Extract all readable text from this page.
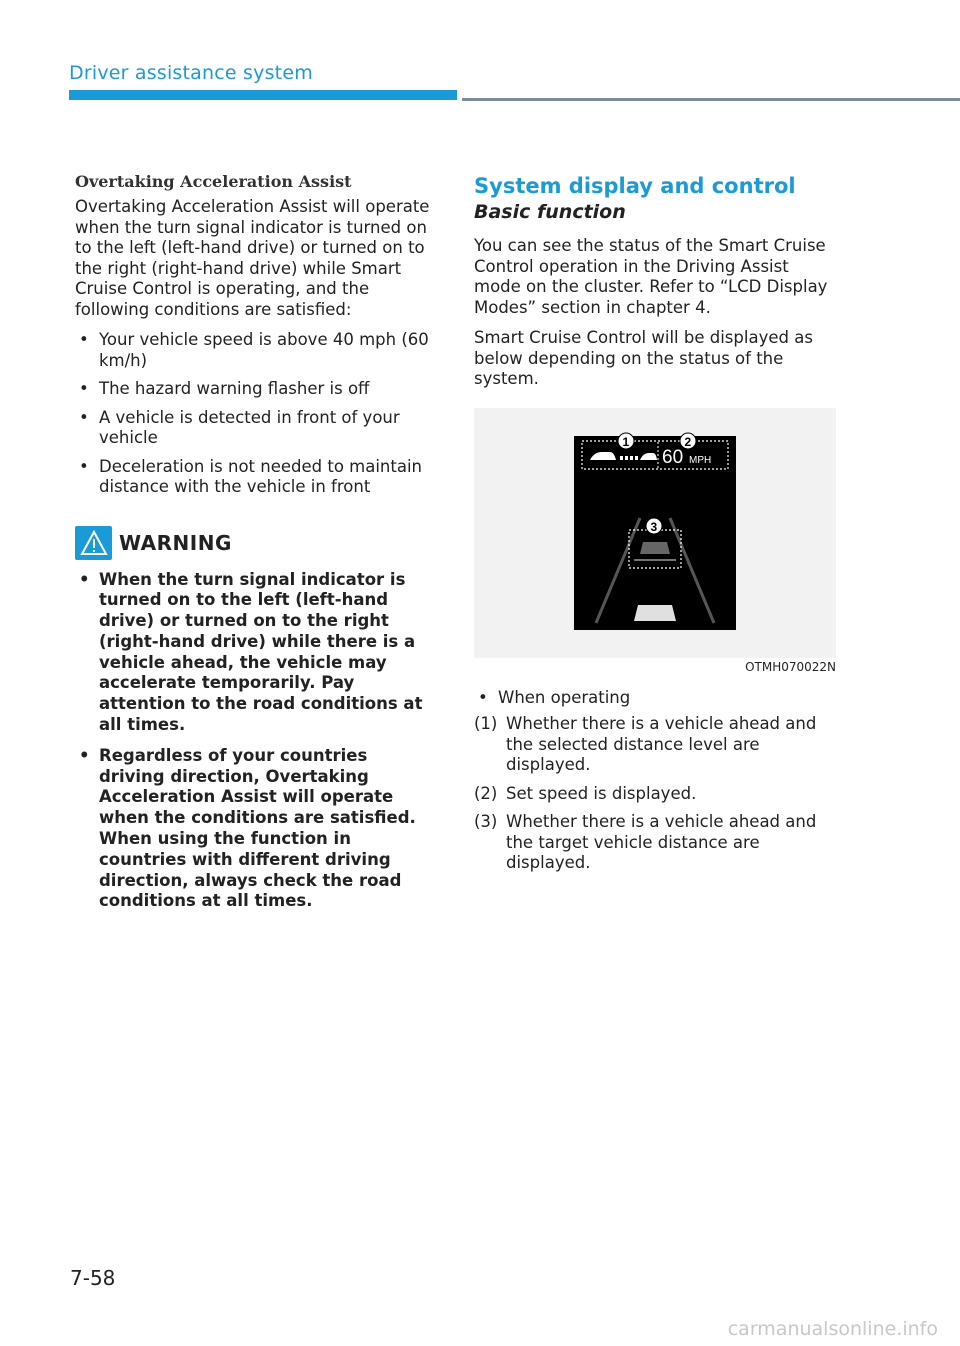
Driver assistance system
Overtaking Acceleration Assist

Overtaking Acceleration Assist will operate when the turn signal indicator is turned on to the left (left-hand drive) or turned on to the right (right-hand drive) while Smart Cruise Control is operating, and the following conditions are satisfied:

• Your vehicle speed is above 40 mph (60 km/h)
• The hazard warning flasher is off
• A vehicle is detected in front of your vehicle
• Deceleration is not needed to maintain distance with the vehicle in front
WARNING
• When the turn signal indicator is turned on to the left (left-hand drive) or turned on to the right (right-hand drive) while there is a vehicle ahead, the vehicle may accelerate temporarily. Pay attention to the road conditions at all times.
• Regardless of your countries driving direction, Overtaking Acceleration Assist will operate when the conditions are satisfied. When using the function in countries with different driving direction, always check the road conditions at all times.
System display and control
Basic function

You can see the status of the Smart Cruise Control operation in the Driving Assist mode on the cluster. Refer to “LCD Display Modes” section in chapter 4.

Smart Cruise Control will be displayed as below depending on the status of the system.

60 MPH
1	2
3
OTMH070022N
• When operating
(1) Whether there is a vehicle ahead and the selected distance level are displayed.
(2) Set speed is displayed.
(3) Whether there is a vehicle ahead and the target vehicle distance are displayed.
7-58
carmanualsonline.info
